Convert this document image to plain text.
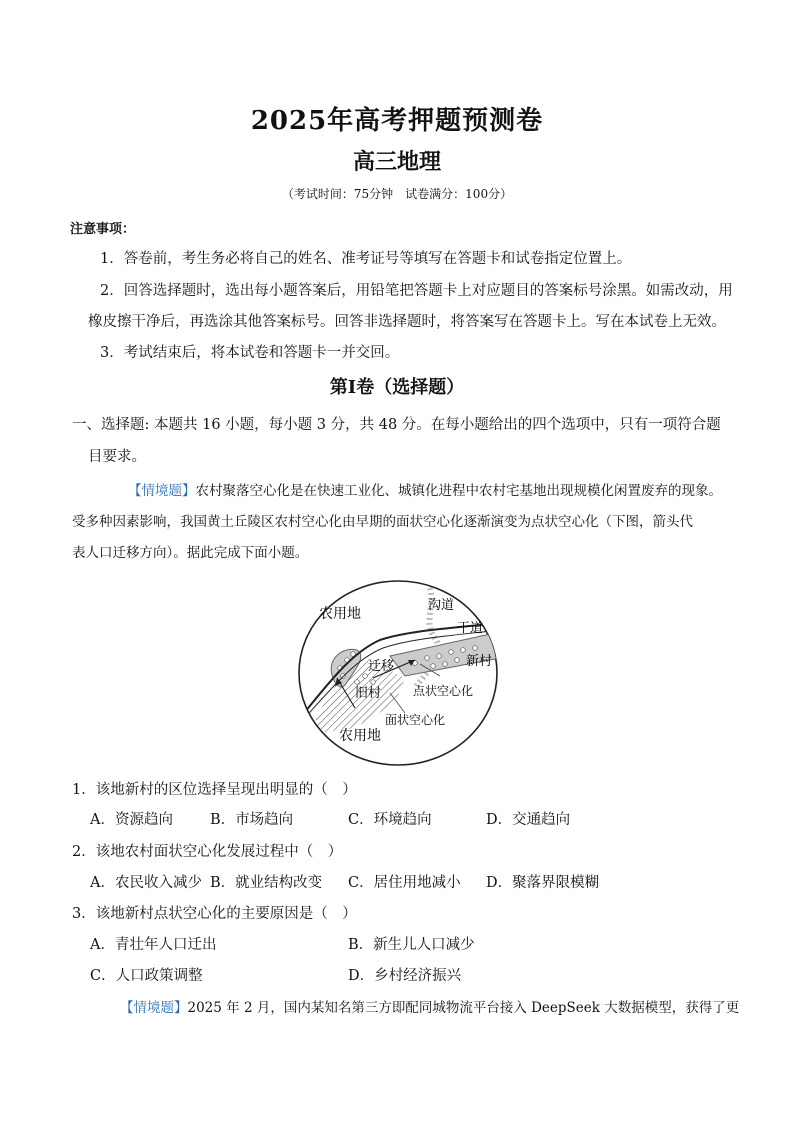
2025年高考押题预测卷
高三地理
（考试时间：75分钟　试卷满分：100分）
注意事项：
1．答卷前，考生务必将自己的姓名、准考证号等填写在答题卡和试卷指定位置上。
2．回答选择题时，选出每小题答案后，用铅笔把答题卡上对应题目的答案标号涂黑。如需改动，用
橡皮擦干净后，再选涂其他答案标号。回答非选择题时，将答案写在答题卡上。写在本试卷上无效。
3．考试结束后，将本试卷和答题卡一并交回。
第Ⅰ卷（选择题）
一、选择题: 本题共 16 小题，每小题 3 分，共 48 分。在每小题给出的四个选项中，只有一项符合题
目要求。
【情境题】农村聚落空心化是在快速工业化、城镇化进程中农村宅基地出现规模化闲置废弃的现象。
受多种因素影响，我国黄土丘陵区农村空心化由早期的面状空心化逐渐演变为点状空心化（下图，箭头代
表人口迁移方向）。据此完成下面小题。
农用地
沟道
干道
迁移	新村
旧村	点状空心化
面状空心化
农用地
1．该地新村的区位选择呈现出明显的（　）
A．资源趋向	B．市场趋向	C．环境趋向	D．交通趋向
2．该地农村面状空心化发展过程中（　）
A．农民收入减少 B．就业结构改变 C．居住用地减小 D．聚落界限模糊
3．该地新村点状空心化的主要原因是（　）
A．青壮年人口迁出	B．新生儿人口减少
C．人口政策调整	D．乡村经济振兴
【情境题】2025 年 2 月，国内某知名第三方即配同城物流平台接入 DeepSeek 大数据模型，获得了更
